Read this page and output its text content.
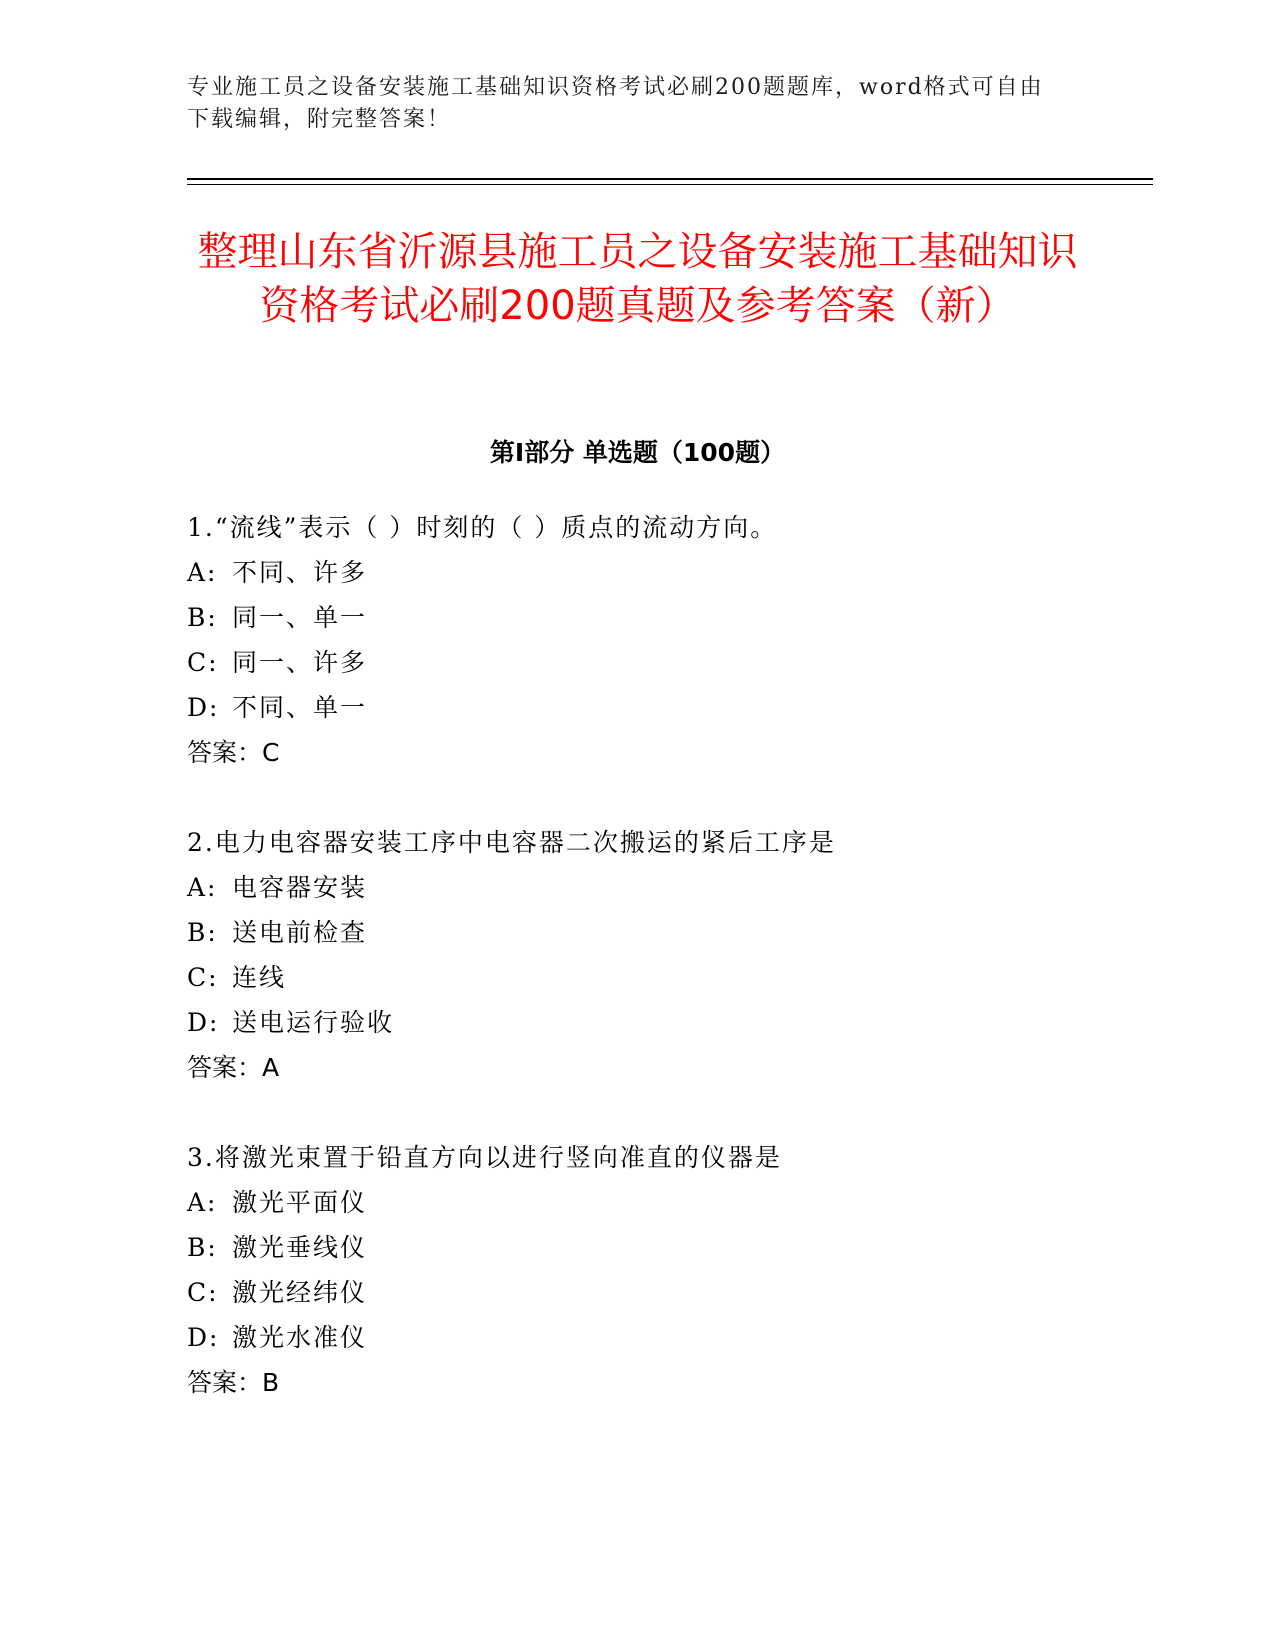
专业施工员之设备安装施工基础知识资格考试必刷200题题库，word格式可自由下载编辑，附完整答案！
整理山东省沂源县施工员之设备安装施工基础知识资格考试必刷200题真题及参考答案（新）
第Ⅰ部分 单选题（100题）
1.“流线”表示（ ）时刻的（ ）质点的流动方向。
A: 不同、许多
B: 同一、单一
C: 同一、许多
D: 不同、单一
答案：C
2.电力电容器安装工序中电容器二次搬运的紧后工序是
A: 电容器安装
B: 送电前检查
C: 连线
D: 送电运行验收
答案：A
3.将激光束置于铅直方向以进行竖向准直的仪器是
A: 激光平面仪
B: 激光垂线仪
C: 激光经纬仪
D: 激光水准仪
答案：B
